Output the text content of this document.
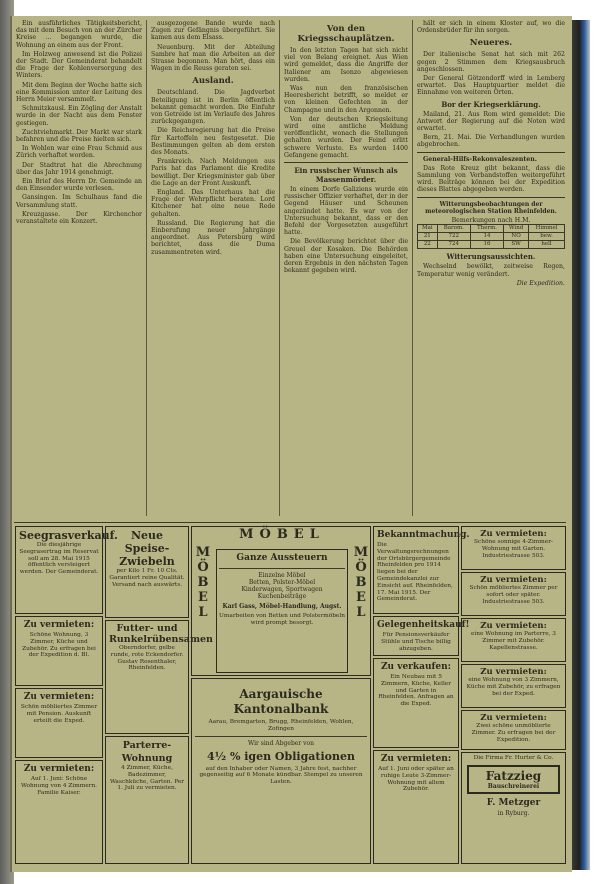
Ein ausführliches Tätigkeitsbericht, das mit dem Besuch von an der Zürcher Kreise ... begangen wurde, die Wohnung an einem aus der Front.

Im Holzweg anwesend ist die Polizei der Stadt. Der Gemeinderat behandelt die Frage der Kohlenversorgung des Winters.

Mit dem Beginn der Woche hatte sich eine Kommission unter der Leitung des Herrn Meier versammelt.

Schmitzkausl. Ein Zögling der Anstalt wurde in der Nacht aus dem Fenster gestiegen.

Zuchtviehmarkt. Der Markt war stark befahren und die Preise hielten sich.

In Wohlen war eine Frau Schmid aus Zürich verhaftet worden.

Der Stadtrat hat die Abrechnung über das Jahr 1914 genehmigt.

Ein Brief des Herrn Dr. Gemeinde an den Einsender wurde verlesen.

Gansingen. Im Schulhaus fand die Versammlung statt.

Kreuzgasse. Der Kirchenchor veranstaltete ein Konzert.

ausgezogene Bande wurde nach Zugen zur Gefängnis übergeführt. Sie kamen aus dem Elsass.

Neuenburg. Mit der Abteilung Sambre hat man die Arbeiten an der Strasse begonnen. Man hört, dass ein Wagen in die Reuss geraten sei.

Ausland.

Deutschland. Die Jagdverbot Beteiligung ist in Berlin öffentlich bekannt gemacht worden. Die Einfuhr von Getreide ist im Verlaufe des Jahres zurückgegangen.

Die Reichsregierung hat die Preise für Kartoffeln neu festgesetzt. Die Bestimmungen gelten ab dem ersten des Monats.

Frankreich. Nach Meldungen aus Paris hat das Parlament die Kredite bewilligt. Der Kriegsminister gab über die Lage an der Front Auskunft.

England. Das Unterhaus hat die Frage der Wehrpflicht beraten. Lord Kitchener hat eine neue Rede gehalten.

Russland. Die Regierung hat die Einberufung neuer Jahrgänge angeordnet. Aus Petersburg wird berichtet, dass die Duma zusammentreten wird.

Von den Kriegsschauplätzen.

In den letzten Tagen hat sich nicht viel von Belang ereignet. Aus Wien wird gemeldet, dass die Angriffe der Italiener am Isonzo abgewiesen wurden.

Was nun den französischen Heeresbericht betrifft, so meldet er von kleinen Gefechten in der Champagne und in den Argonnen.

Von der deutschen Kriegsleitung wird eine amtliche Meldung veröffentlicht, wonach die Stellungen gehalten wurden. Der Feind erlitt schwere Verluste. Es wurden 1400 Gefangene gemacht.

Ein russischer Wunsch als Massenmörder.

In einem Dorfe Galiziens wurde ein russischer Offizier verhaftet, der in der Gegend Häuser und Scheunen angezündet hatte. Es war von der Untersuchung bekannt, dass er den Befehl der Vorgesetzten ausgeführt hatte.

Die Bevölkerung berichtet über die Greuel der Kosaken. Die Behörden haben eine Untersuchung eingeleitet, deren Ergebnis in den nächsten Tagen bekannt gegeben wird.

hält er sich in einem Kloster auf, wo die Ordensbrüder für ihn sorgen.

Neueres.

Der italienische Senat hat sich mit 262 gegen 2 Stimmen dem Kriegsausbruch angeschlossen.

Der General Götzendorff wird in Lemberg erwartet. Das Hauptquartier meldet die Einnahme von weiteren Orten.

Bor der Kriegserklärung.

Mailand, 21. Aus Rom wird gemeldet: Die Antwort der Regierung auf die Noten wird erwartet.

Bern, 21. Mai. Die Verhandlungen wurden abgebrochen.

General-Hilfs-Rekonvaleszenten.

Das Rote Kreuz gibt bekannt, dass die Sammlung von Verbandstoffen weitergeführt wird. Beiträge können bei der Expedition dieses Blattes abgegeben werden.

Witterungsbeobachtungen der meteorologischen Station Rheinfelden.
Bemerkungen nach H.M.
Mai	Barom.	Therm.	Wind	Himmel
21	722	14	NO	bew.
22	724	16	SW	hell
Witterungsaussichten.

Wechselnd bewölkt, zeitweise Regen, Temperatur wenig verändert.

Die Expedition.
Seegrasverkauf.
Die diesjährige Seegrasertrag im Reservat soll am 28. Mai 1915 öffentlich versteigert werden. Der Gemeinderat.
Zu vermieten:
Schöne Wohnung, 3 Zimmer, Küche und Zubehör. Zu erfragen bei der Expedition d. Bl.
Zu vermieten:
Schön möbliertes Zimmer mit Pension. Auskunft erteilt die Exped.
Zu vermieten:
Auf 1. Juni: Schöne Wohnung von 4 Zimmern. Familie Kaiser.
Neue Speise-Zwiebeln
per Kilo 1 Fr. 10 Cts. Garantiert reine Qualität. Versand nach auswärts.
Futter- und Runkelrübensamen
Oberndorfer, gelbe runde, rote Eckendorfer. Gustav Rosenthaler, Rheinfelden.
Parterre-Wohnung
4 Zimmer, Küche, Badezimmer, Waschküche, Garten. Per 1. Juli zu vermieten.
MÖBEL
M
Ö
B
E
L
M
Ö
B
E
L
Ganze Aussteuern
Einzelne Möbel
Betten, Polster-Möbel
Kinderwagen, Sportwagen
Kuchenbeiträge
Karl Gass, Möbel-Handlung, Augst.
Umarbeiten von Betten und Polstermöbeln wird prompt besorgt.
Aargauische Kantonalbank
Aarau, Bremgarten, Brugg, Rheinfelden, Wohlen, Zofingen
Wir sind Abgeber von
4½ % igen Obligationen
auf den Inhaber oder Namen, 3 Jahre fest, nachher gegenseitig auf 6 Monate kündbar. Stempel zu unseren Lasten.
Bekanntmachung.
Die Verwaltungsrechnungen der Ortsbürgergemeinde Rheinfelden pro 1914 liegen bei der Gemeindekanzlei zur Einsicht auf. Rheinfelden, 17. Mai 1915. Der Gemeinderat.
Gelegenheitskauf!
Für Pensionsverkäufer Stühle und Tische billig abzugeben.
Zu verkaufen:
Ein Neubau mit 5 Zimmern, Küche, Keller und Garten in Rheinfelden. Anfragen an die Exped.
Zu vermieten:
Auf 1. Juni oder später an ruhige Leute 3-Zimmer-Wohnung mit allem Zubehör.
Zu vermieten:
Schöne sonnige 4-Zimmer-Wohnung mit Garten. Industriestrasse 503.
Zu vermieten:
Schön möbliertes Zimmer per sofort oder später. Industriestrasse 503.
Zu vermieten:
eine Wohnung im Parterre, 3 Zimmer mit Zubehör. Kapellenstrasse.
Zu vermieten:
eine Wohnung von 3 Zimmern, Küche mit Zubehör, zu erfragen bei der Exped.
Zu vermieten:
Zwei schöne unmöblierte Zimmer. Zu erfragen bei der Expedition.
Die Firma Fr. Hurter & Co.
Fatzzieg
Bauschreinerei
F. Metzger
in Ryburg.
